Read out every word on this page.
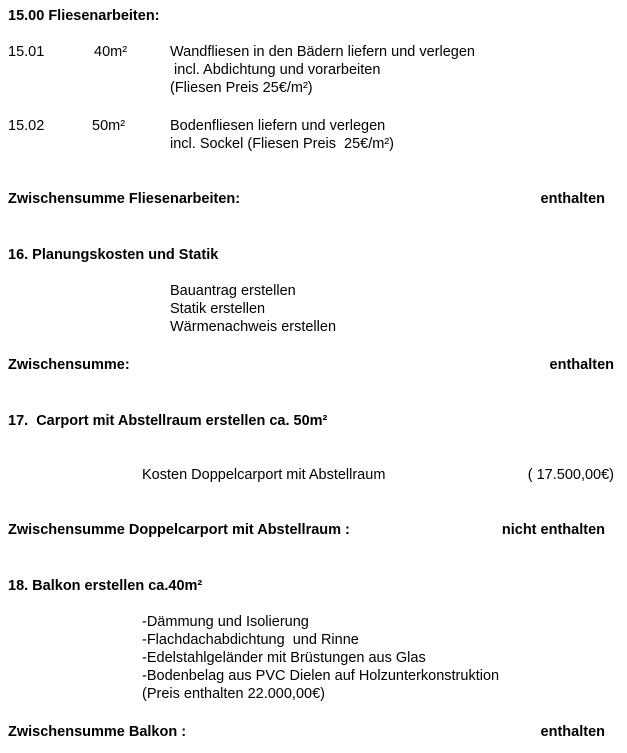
15.00 Fliesenarbeiten:
15.01	40m²	Wandfliesen in den Bädern liefern und verlegen
incl. Abdichtung und vorarbeiten
(Fliesen Preis 25€/m²)
15.02	50m²	Bodenfliesen liefern und verlegen
incl. Sockel (Fliesen Preis  25€/m²)
Zwischensumme Fliesenarbeiten:	enthalten
16. Planungskosten und Statik
Bauantrag erstellen
Statik erstellen
Wärmenachweis erstellen
Zwischensumme:	enthalten
17.  Carport mit Abstellraum erstellen ca. 50m²
Kosten Doppelcarport mit Abstellraum	( 17.500,00€)
Zwischensumme Doppelcarport mit Abstellraum :	nicht enthalten
18. Balkon erstellen ca.40m²
-Dämmung und Isolierung
-Flachdachabdichtung  und Rinne
-Edelstahlgeländer mit Brüstungen aus Glas
-Bodenbelag aus PVC Dielen auf Holzunterkonstruktion
(Preis enthalten 22.000,00€)
Zwischensumme Balkon :	enthalten
